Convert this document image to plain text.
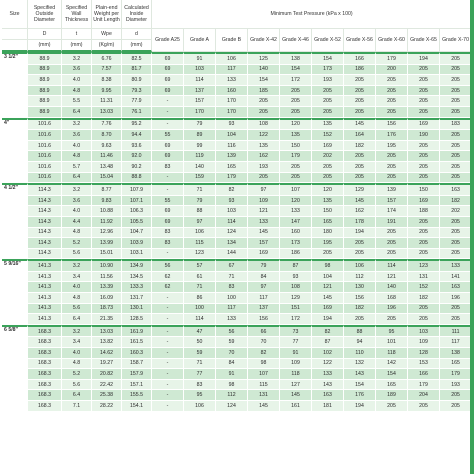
Size	Specified Outside Diameter	Specified Wall Thickness	Plain-end Weight per Unit Length	Calculated Inside Diameter	Minimum Test Pressure (kPa x 100)									
	D	t	Wpe	d	Grade A25	Grade A	Grade B	Grade X-42	Grade X-46	Grade X-52	Grade X-56	Grade X-60	Grade X-65	Grade X-70
	(mm)	(mm)	(Kg/m)	(mm)										
3 1/2"	88.9	3.2	6.76	82.5	69	91	106	125	138	154	166	179	194	205
	88.9	3.6	7.57	81.7	69	103	117	140	154	173	186	200	205	205
	88.9	4.0	8.38	80.9	69	114	133	154	172	193	205	205	205	205
	88.9	4.8	9.95	79.3	69	137	160	185	205	205	205	205	205	205
	88.9	5.5	11.31	77.9	-	157	170	205	205	205	205	205	205	205
	88.9	6.4	13.03	76.1	-	170	170	205	205	205	205	205	205	205
4"	101.6	3.2	7.76	95.2	-	79	93	108	120	135	145	156	169	183
	101.6	3.6	8.70	94.4	55	89	104	122	135	152	164	176	190	205
	101.6	4.0	9.63	93.6	69	99	116	135	150	169	182	195	205	205
	101.6	4.8	11.46	92.0	69	119	139	162	179	202	205	205	205	205
	101.6	5.7	13.48	90.2	83	140	165	193	205	205	205	205	205	205
	101.6	6.4	15.04	88.8	-	159	179	205	205	205	205	205	205	205
4 1/2"	114.3	3.2	8.77	107.9	-	71	82	97	107	120	129	139	150	163
	114.3	3.6	9.83	107.1	55	79	93	109	120	135	145	157	169	182
	114.3	4.0	10.88	106.3	69	88	103	121	133	150	162	174	188	202
	114.3	4.4	11.92	105.5	69	97	114	133	147	165	178	191	205	205
	114.3	4.8	12.96	104.7	83	106	124	145	160	180	194	205	205	205
	114.3	5.2	13.99	103.9	83	115	134	157	173	195	205	205	205	205
	114.3	5.6	15.01	103.1	-	123	144	169	186	205	205	205	205	205
5 9/16"	141.3	3.2	10.90	134.9	56	57	67	79	87	98	106	114	123	133
	141.3	3.4	11.56	134.5	62	61	71	84	93	104	112	121	131	141
	141.3	4.0	13.39	133.3	62	71	83	97	108	121	130	140	152	163
	141.3	4.8	16.09	131.7	-	86	100	117	129	145	156	168	182	196
	141.3	5.6	18.73	130.1	-	100	117	137	151	169	182	196	205	205
	141.3	6.4	21.35	128.5	-	114	133	156	172	194	205	205	205	205
6 5/8"	168.3	3.2	13.03	161.9	-	47	56	66	73	82	88	95	103	111
	168.3	3.4	13.82	161.5	-	50	59	70	77	87	94	101	109	117
	168.3	4.0	14.62	160.3	-	59	70	82	91	102	110	118	128	138
	168.3	4.8	19.27	158.7	-	71	84	98	109	122	132	142	153	165
	168.3	5.2	20.82	157.9	-	77	91	107	118	133	143	154	166	179
	168.3	5.6	22.42	157.1	-	83	98	115	127	143	154	165	179	193
	168.3	6.4	25.38	155.5	-	95	112	131	145	163	176	189	204	205
	168.3	7.1	28.22	154.1	-	106	124	145	161	181	194	205	205	205
